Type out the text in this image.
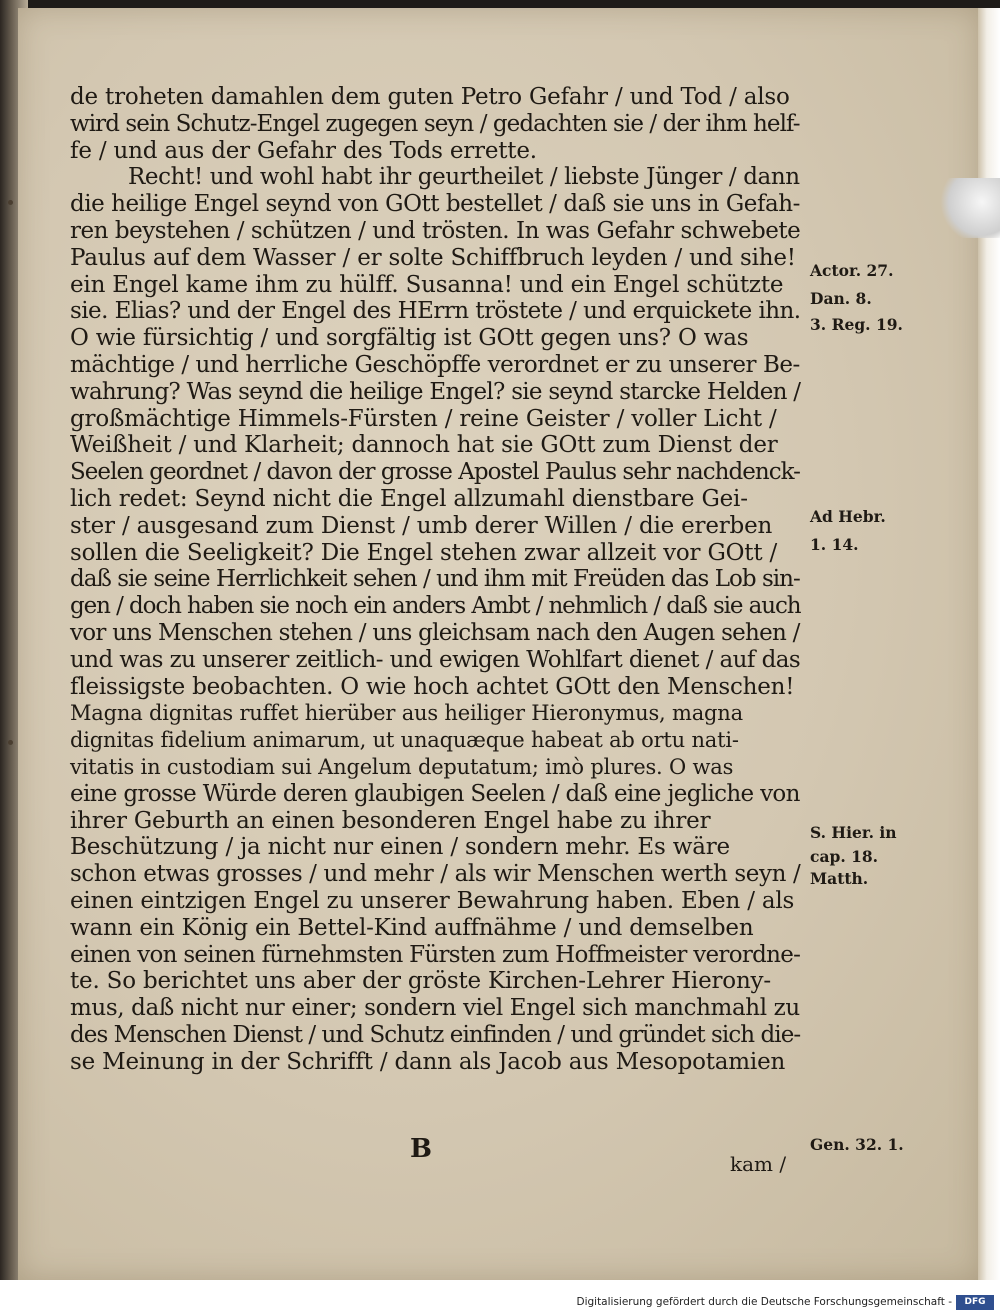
de troheten damahlen dem guten Petro Gefahr / und Tod / also
wird sein Schutz-Engel zugegen seyn / gedachten sie / der ihm helf-
fe / und aus der Gefahr des Tods errette.
Recht! und wohl habt ihr geurtheilet / liebste Jünger / dann
die heilige Engel seynd von GOtt bestellet / daß sie uns in Gefah-
ren beystehen / schützen / und trösten. In was Gefahr schwebete
Paulus auf dem Wasser / er solte Schiffbruch leyden / und sihe!
ein Engel kame ihm zu hülff. Susanna! und ein Engel schützte
sie. Elias? und der Engel des HErrn tröstete / und erquickete ihn.
O wie fürsichtig / und sorgfältig ist GOtt gegen uns? O was
mächtige / und herrliche Geschöpffe verordnet er zu unserer Be-
wahrung? Was seynd die heilige Engel? sie seynd starcke Helden /
großmächtige Himmels-Fürsten / reine Geister / voller Licht /
Weißheit / und Klarheit; dannoch hat sie GOtt zum Dienst der
Seelen geordnet / davon der grosse Apostel Paulus sehr nachdenck-
lich redet: Seynd nicht die Engel allzumahl dienstbare Gei-
ster / ausgesand zum Dienst / umb derer Willen / die ererben
sollen die Seeligkeit? Die Engel stehen zwar allzeit vor GOtt /
daß sie seine Herrlichkeit sehen / und ihm mit Freüden das Lob sin-
gen / doch haben sie noch ein anders Ambt / nehmlich / daß sie auch
vor uns Menschen stehen / uns gleichsam nach den Augen sehen /
und was zu unserer zeitlich- und ewigen Wohlfart dienet / auf das
fleissigste beobachten. O wie hoch achtet GOtt den Menschen!
Magna dignitas ruffet hierüber aus heiliger Hieronymus, magna
dignitas fidelium animarum, ut unaquæque habeat ab ortu nati-
vitatis in custodiam sui Angelum deputatum; imò plures. O was
eine grosse Würde deren glaubigen Seelen / daß eine jegliche von
ihrer Geburth an einen besonderen Engel habe zu ihrer
Beschützung / ja nicht nur einen / sondern mehr. Es wäre
schon etwas grosses / und mehr / als wir Menschen werth seyn /
einen eintzigen Engel zu unserer Bewahrung haben. Eben / als
wann ein König ein Bettel-Kind auffnähme / und demselben
einen von seinen fürnehmsten Fürsten zum Hoffmeister verordne-
te. So berichtet uns aber der gröste Kirchen-Lehrer Hierony-
mus, daß nicht nur einer; sondern viel Engel sich manchmahl zu
des Menschen Dienst / und Schutz einfinden / und gründet sich die-
se Meinung in der Schrifft / dann als Jacob aus Mesopotamien
Actor. 27.
Dan. 8.
3. Reg. 19.
Ad Hebr.
1. 14.
S. Hier. in
cap. 18.
Matth.
Gen. 32. 1.
B	kam /
Digitalisierung gefördert durch die Deutsche Forschungsgemeinschaft -	DFG
